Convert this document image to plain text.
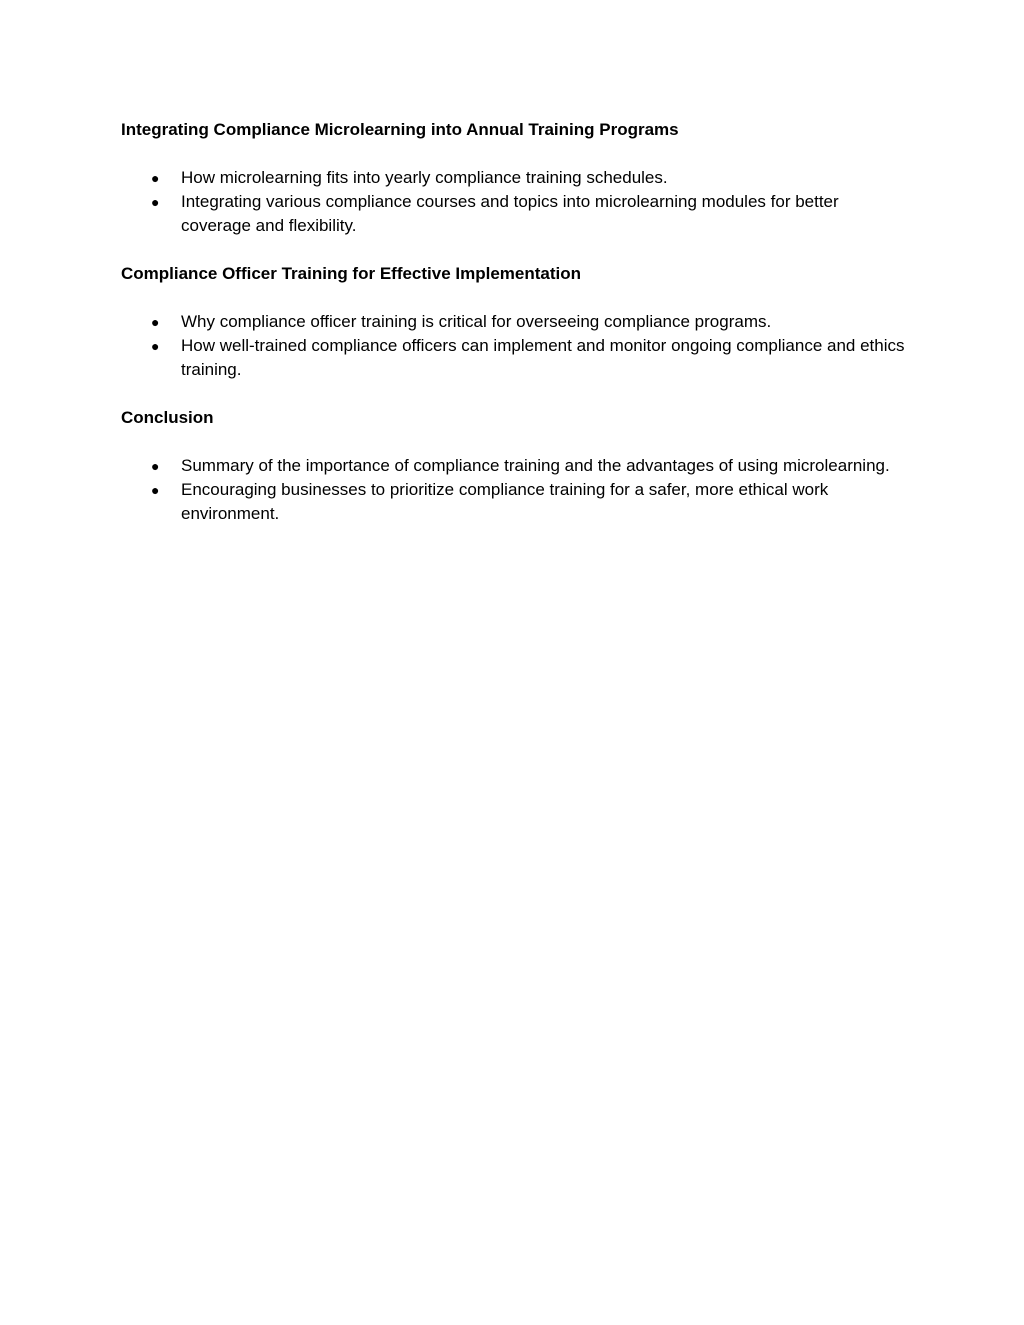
Integrating Compliance Microlearning into Annual Training Programs
● How microlearning fits into yearly compliance training schedules.
● Integrating various compliance courses and topics into microlearning modules for better coverage and flexibility.
Compliance Officer Training for Effective Implementation
● Why compliance officer training is critical for overseeing compliance programs.
● How well-trained compliance officers can implement and monitor ongoing compliance and ethics training.
Conclusion
● Summary of the importance of compliance training and the advantages of using microlearning.
● Encouraging businesses to prioritize compliance training for a safer, more ethical work environment.
